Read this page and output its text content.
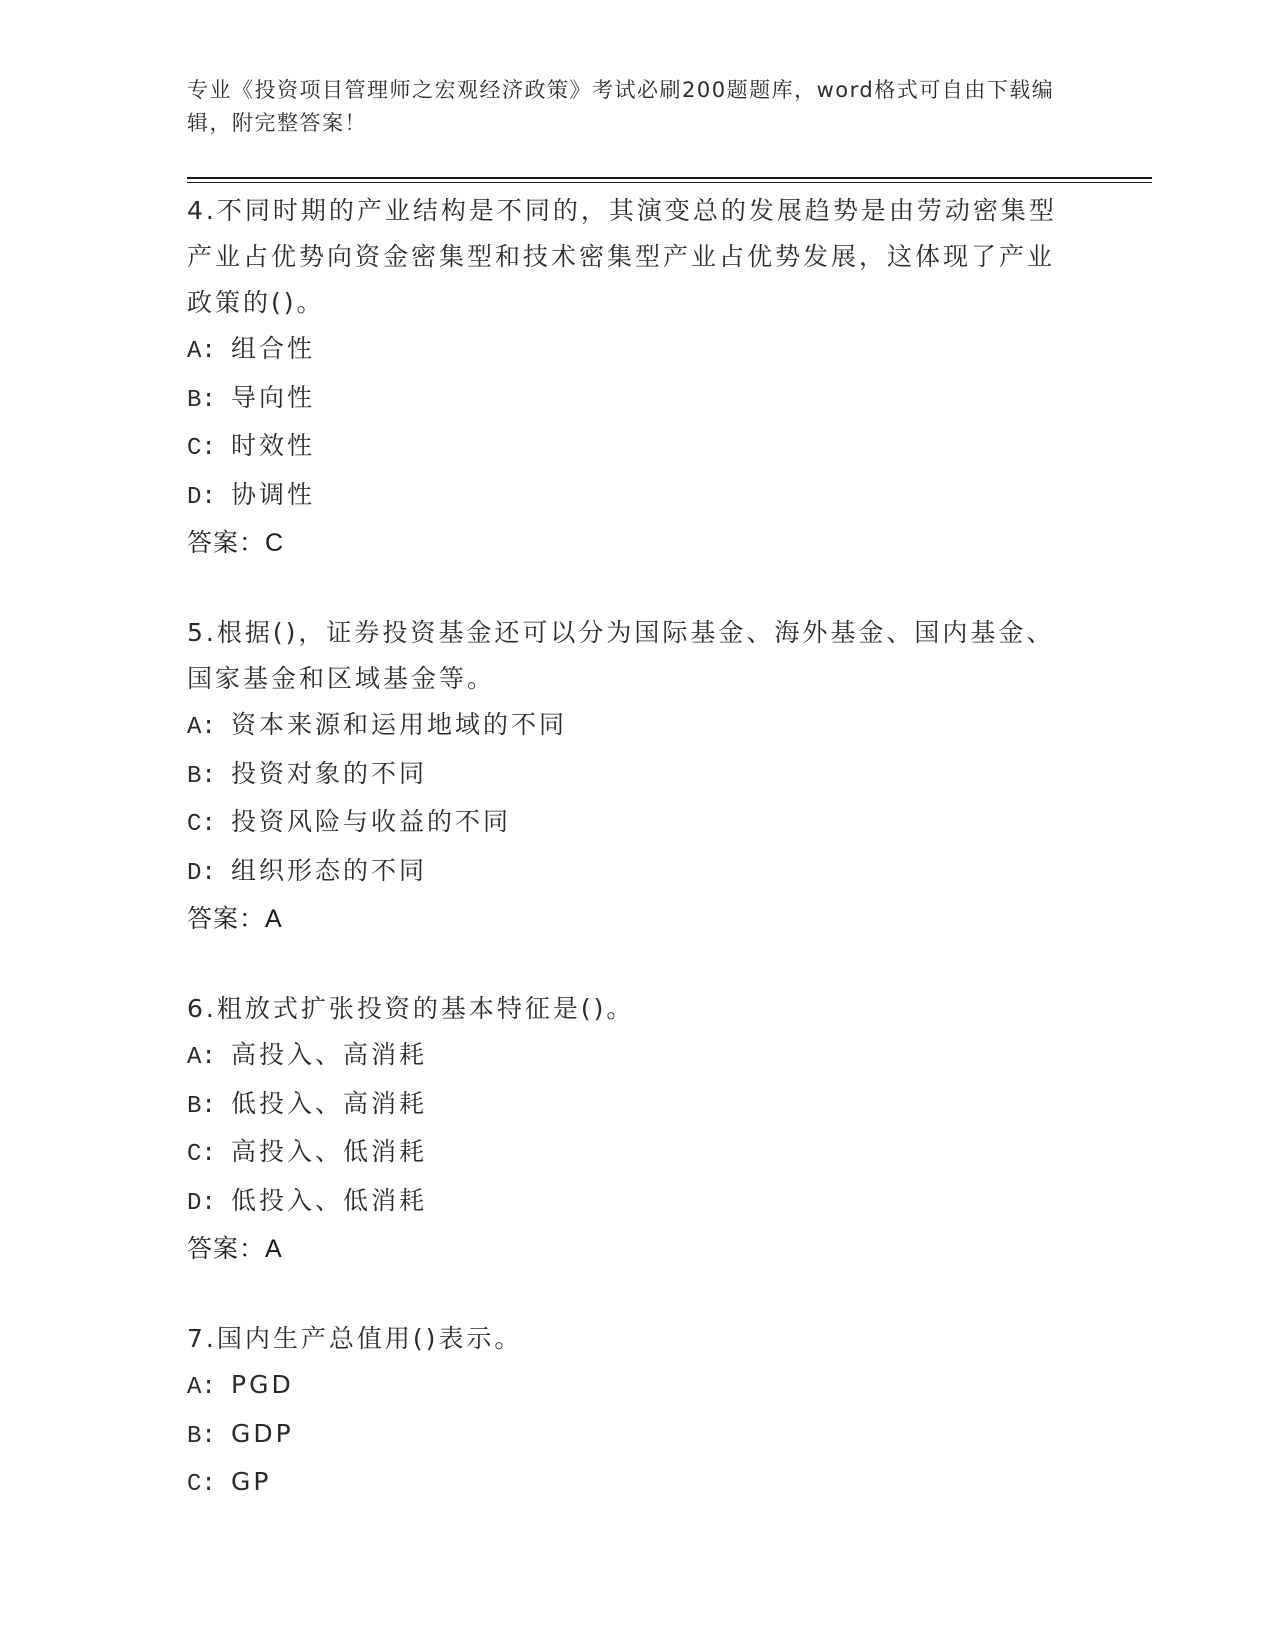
专业《投资项目管理师之宏观经济政策》考试必刷200题题库，word格式可自由下载编辑，附完整答案！
4.不同时期的产业结构是不同的，其演变总的发展趋势是由劳动密集型产业占优势向资金密集型和技术密集型产业占优势发展，这体现了产业政策的()。
A: 组合性
B: 导向性
C: 时效性
D: 协调性
答案：C
5.根据()，证券投资基金还可以分为国际基金、海外基金、国内基金、国家基金和区域基金等。
A: 资本来源和运用地域的不同
B: 投资对象的不同
C: 投资风险与收益的不同
D: 组织形态的不同
答案：A
6.粗放式扩张投资的基本特征是()。
A: 高投入、高消耗
B: 低投入、高消耗
C: 高投入、低消耗
D: 低投入、低消耗
答案：A
7.国内生产总值用()表示。
A: PGD
B: GDP
C: GP
